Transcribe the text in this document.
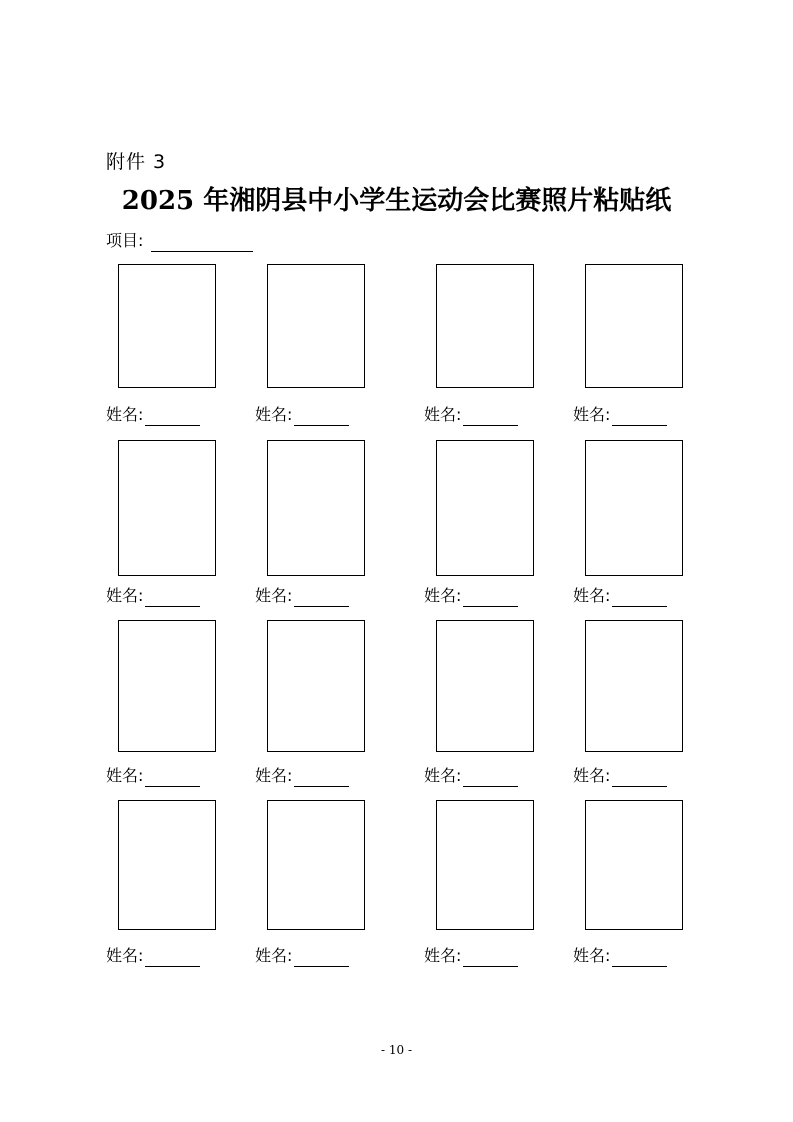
附件 3
2025 年湘阴县中小学生运动会比赛照片粘贴纸
项目:
姓名:	姓名:	姓名:	姓名:
姓名:	姓名:	姓名:	姓名:
姓名:	姓名:	姓名:	姓名:
姓名:	姓名:	姓名:	姓名:
- 10 -
